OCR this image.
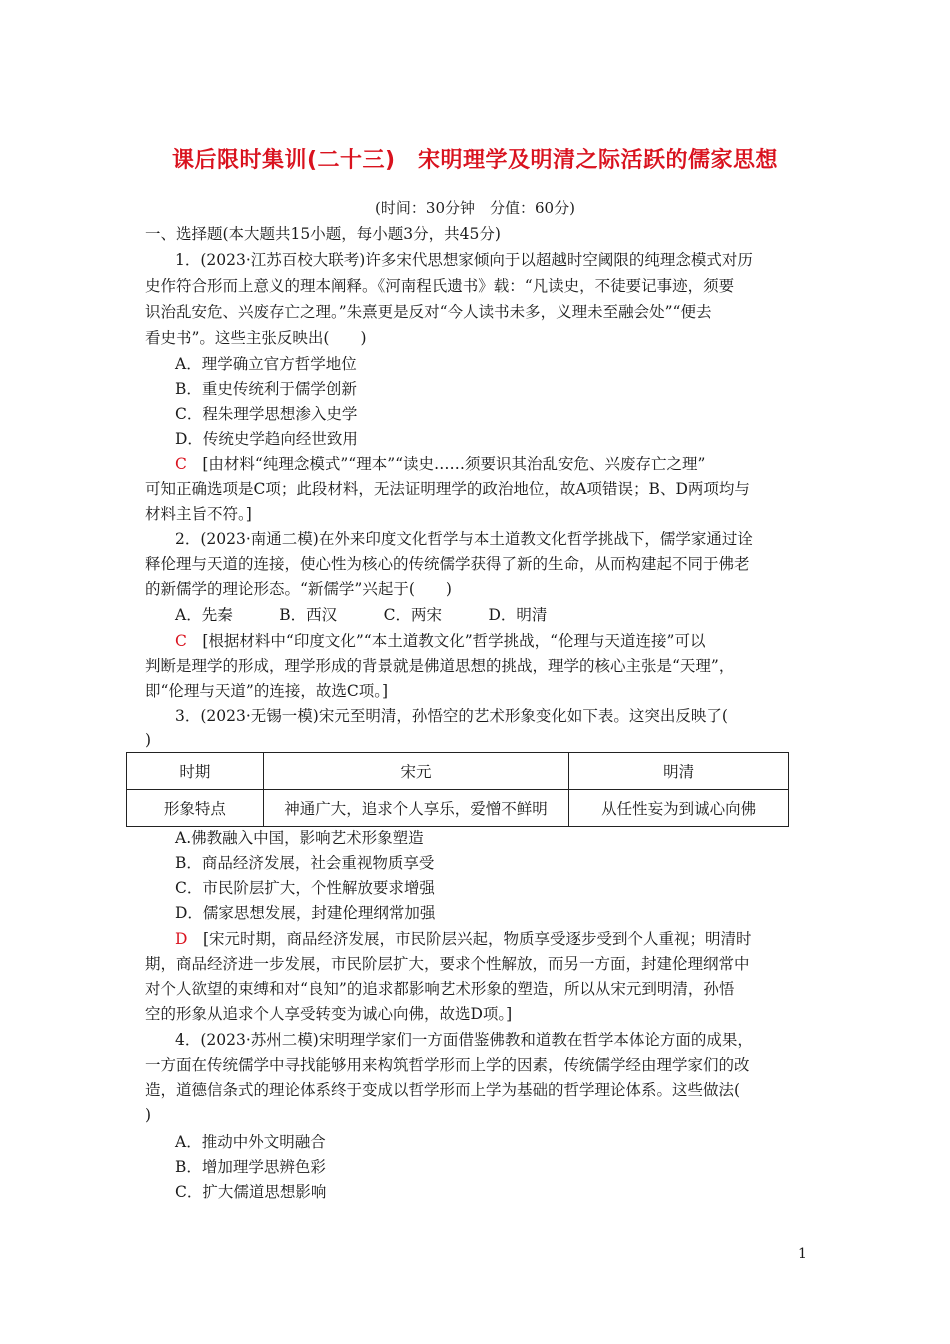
课后限时集训(二十三)　宋明理学及明清之际活跃的儒家思想
(时间：30分钟　分值：60分)
一、选择题(本大题共15小题，每小题3分，共45分)
1．(2023·江苏百校大联考)许多宋代思想家倾向于以超越时空阈限的纯理念模式对历
史作符合形而上意义的理本阐释。《河南程氏遗书》载：“凡读史，不徒要记事迹，须要
识治乱安危、兴废存亡之理。”朱熹更是反对“今人读书未多，义理未至融会处”“便去
看史书”。这些主张反映出(　　)
A．理学确立官方哲学地位
B．重史传统利于儒学创新
C．程朱理学思想渗入史学
D．传统史学趋向经世致用
C　[由材料“纯理念模式”“理本”“读史……须要识其治乱安危、兴废存亡之理”
可知正确选项是C项；此段材料，无法证明理学的政治地位，故A项错误；B、D两项均与
材料主旨不符。]
2．(2023·南通二模)在外来印度文化哲学与本土道教文化哲学挑战下，儒学家通过诠
释伦理与天道的连接，使心性为核心的传统儒学获得了新的生命，从而构建起不同于佛老
的新儒学的理论形态。“新儒学”兴起于(　　)
A．先秦　　　B．西汉　　　C．两宋　　　D．明清
C　[根据材料中“印度文化”“本土道教文化”哲学挑战，“伦理与天道连接”可以
判断是理学的形成，理学形成的背景就是佛道思想的挑战，理学的核心主张是“天理”，
即“伦理与天道”的连接，故选C项。]
3．(2023·无锡一模)宋元至明清，孙悟空的艺术形象变化如下表。这突出反映了(
)
时期	宋元	明清
形象特点	神通广大，追求个人享乐，爱憎不鲜明	从任性妄为到诚心向佛
A.佛教融入中国，影响艺术形象塑造
B．商品经济发展，社会重视物质享受
C．市民阶层扩大，个性解放要求增强
D．儒家思想发展，封建伦理纲常加强
D　[宋元时期，商品经济发展，市民阶层兴起，物质享受逐步受到个人重视；明清时
期，商品经济进一步发展，市民阶层扩大，要求个性解放，而另一方面，封建伦理纲常中
对个人欲望的束缚和对“良知”的追求都影响艺术形象的塑造，所以从宋元到明清，孙悟
空的形象从追求个人享受转变为诚心向佛，故选D项。]
4．(2023·苏州二模)宋明理学家们一方面借鉴佛教和道教在哲学本体论方面的成果，
一方面在传统儒学中寻找能够用来构筑哲学形而上学的因素，传统儒学经由理学家们的改
造，道德信条式的理论体系终于变成以哲学形而上学为基础的哲学理论体系。这些做法(
)
A．推动中外文明融合
B．增加理学思辨色彩
C．扩大儒道思想影响
1
